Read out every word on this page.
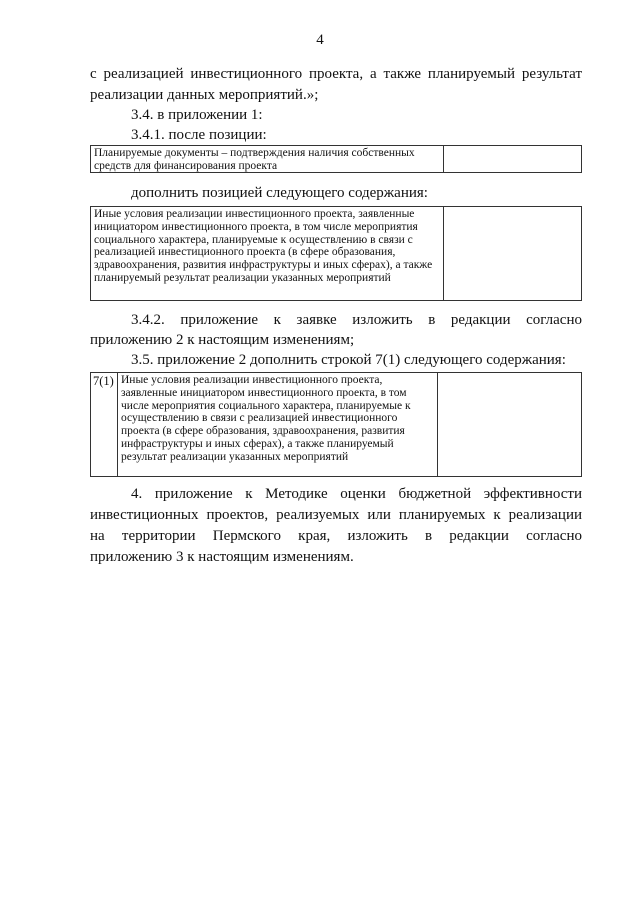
4
с реализацией инвестиционного проекта, а также планируемый результат
реализации данных мероприятий.»;
3.4. в приложении 1:
3.4.1. после позиции:
Планируемые документы – подтверждения наличия собственных средств для финансирования проекта
дополнить позицией следующего содержания:
Иные условия реализации инвестиционного проекта, заявленные инициатором инвестиционного проекта, в том числе мероприятия социального характера, планируемые к осуществлению в связи с реализацией инвестиционного проекта (в сфере образования, здравоохранения, развития инфраструктуры и иных сферах), а также планируемый результат реализации указанных мероприятий
3.4.2. приложение к заявке изложить в редакции согласно
приложению 2 к настоящим изменениям;
3.5. приложение 2 дополнить строкой 7(1) следующего содержания:
7(1) Иные условия реализации инвестиционного проекта, заявленные инициатором инвестиционного проекта, в том числе мероприятия социального характера, планируемые к осуществлению в связи с реализацией инвестиционного проекта (в сфере образования, здравоохранения, развития инфраструктуры и иных сферах), а также планируемый результат реализации указанных мероприятий
4. приложение к Методике оценки бюджетной эффективности
инвестиционных проектов, реализуемых или планируемых к реализации
на территории Пермского края, изложить в редакции согласно
приложению 3 к настоящим изменениям.
